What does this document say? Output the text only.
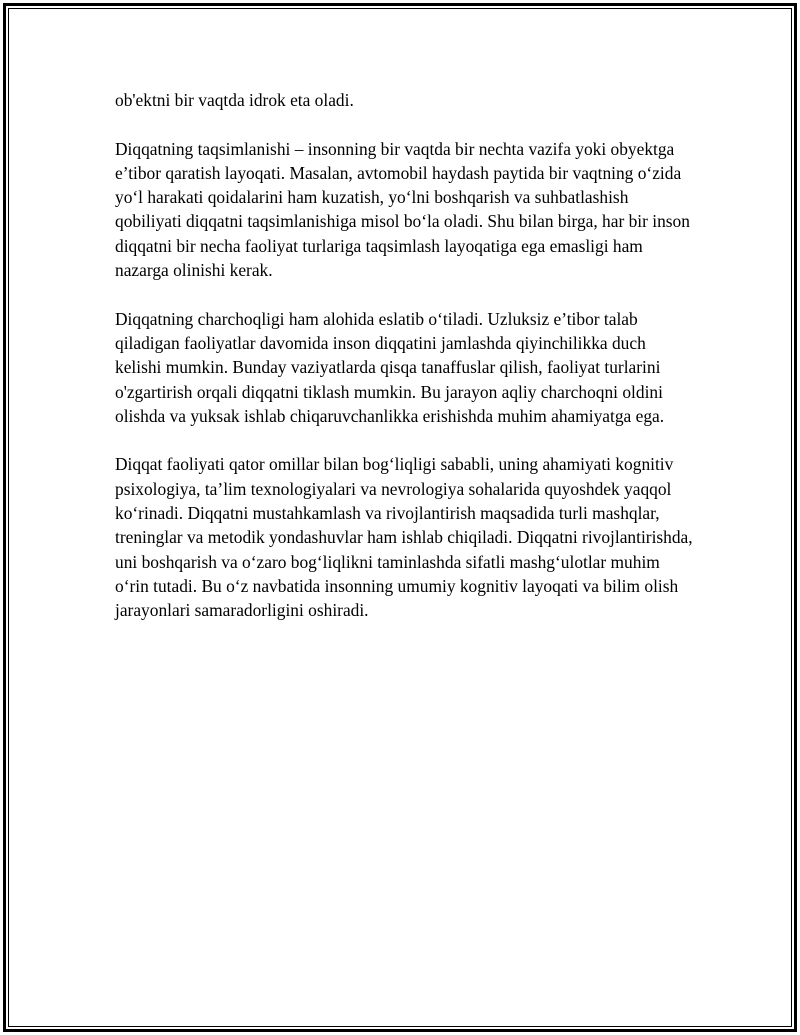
ob'ektni bir vaqtda idrok eta oladi.

Diqqatning taqsimlanishi – insonning bir vaqtda bir nechta vazifa yoki obyektga e’tibor qaratish layoqati. Masalan, avtomobil haydash paytida bir vaqtning o‘zida yo‘l harakati qoidalarini ham kuzatish, yo‘lni boshqarish va suhbatlashish qobiliyati diqqatni taqsimlanishiga misol bo‘la oladi. Shu bilan birga, har bir inson diqqatni bir necha faoliyat turlariga taqsimlash layoqatiga ega emasligi ham nazarga olinishi kerak.

Diqqatning charchoqligi ham alohida eslatib o‘tiladi. Uzluksiz e’tibor talab qiladigan faoliyatlar davomida inson diqqatini jamlashda qiyinchilikka duch kelishi mumkin. Bunday vaziyatlarda qisqa tanaffuslar qilish, faoliyat turlarini o'zgartirish orqali diqqatni tiklash mumkin. Bu jarayon aqliy charchoqni oldini olishda va yuksak ishlab chiqaruvchanlikka erishishda muhim ahamiyatga ega.

Diqqat faoliyati qator omillar bilan bog‘liqligi sababli, uning ahamiyati kognitiv psixologiya, ta’lim texnologiyalari va nevrologiya sohalarida quyoshdek yaqqol ko‘rinadi. Diqqatni mustahkamlash va rivojlantirish maqsadida turli mashqlar, treninglar va metodik yondashuvlar ham ishlab chiqiladi. Diqqatni rivojlantirishda, uni boshqarish va o‘zaro bog‘liqlikni taminlashda sifatli mashg‘ulotlar muhim o‘rin tutadi. Bu o‘z navbatida insonning umumiy kognitiv layoqati va bilim olish jarayonlari samaradorligini oshiradi.
